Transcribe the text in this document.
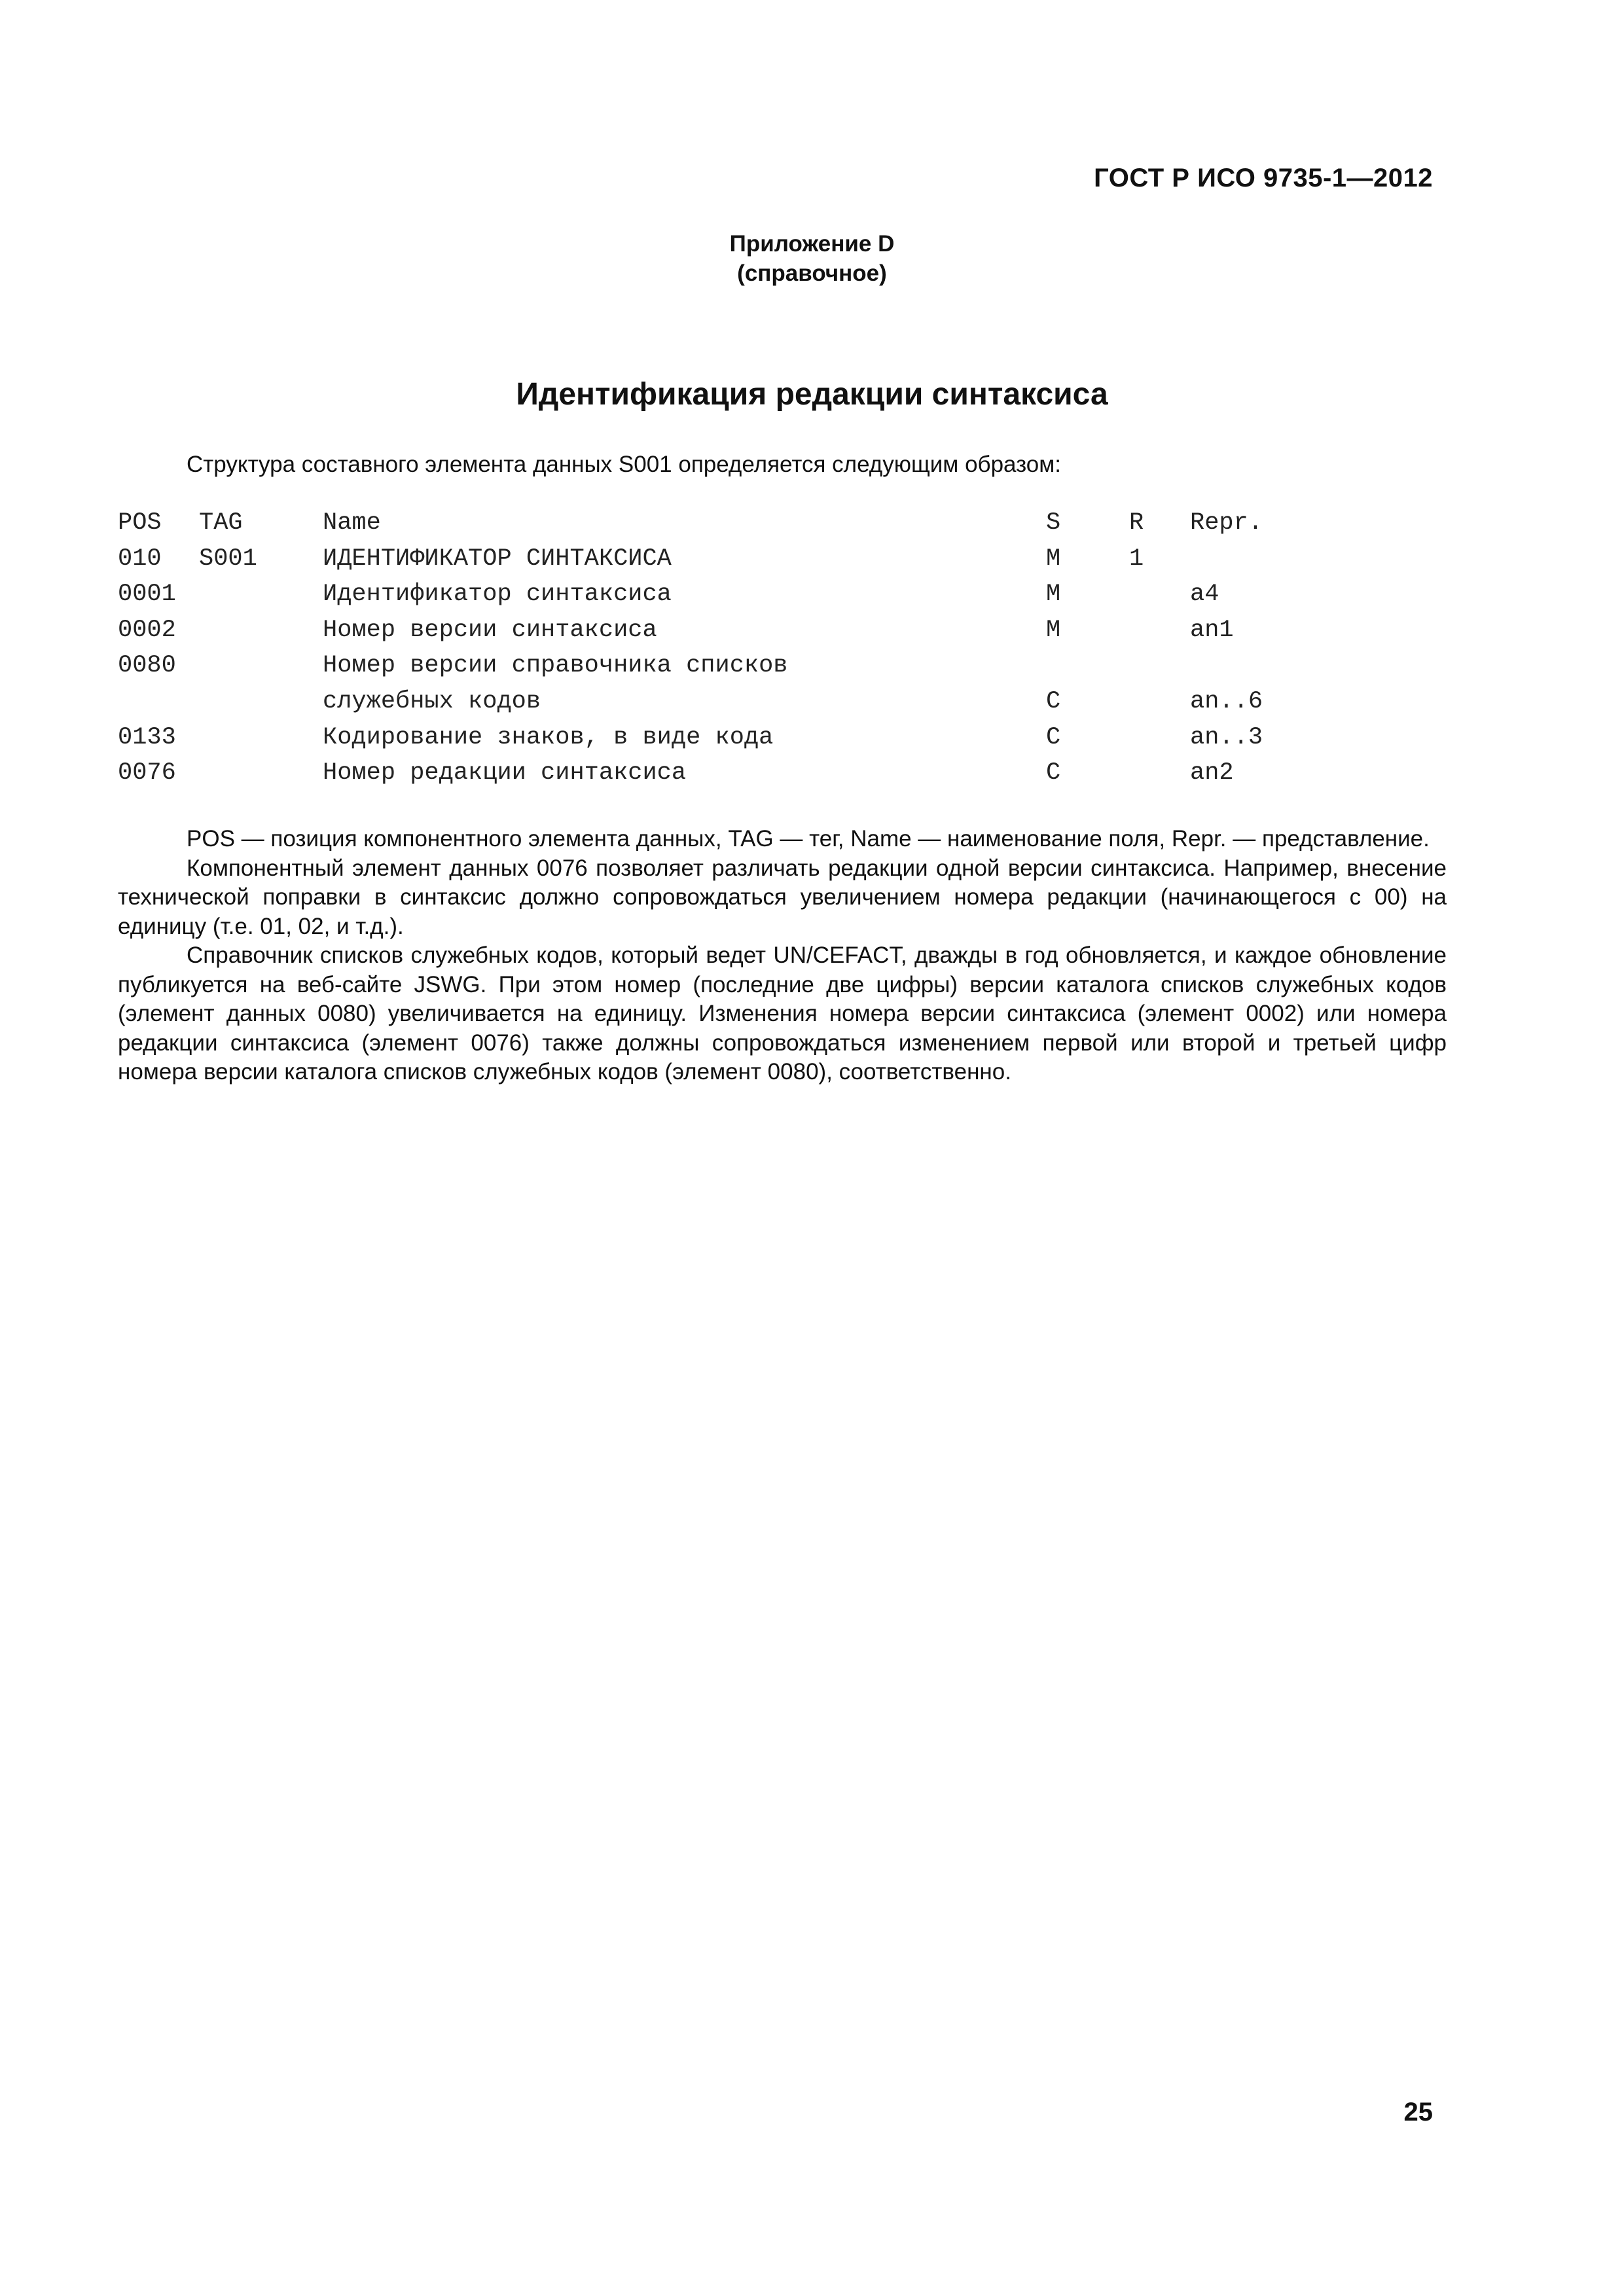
ГОСТ Р ИСО 9735-1—2012
Приложение D
(справочное)
Идентификация редакции синтаксиса
Структура составного элемента данных S001 определяется следующим образом:
POS TAG	Name	S	R Repr.
010 S001	ИДЕНТИФИКАТОР СИНТАКСИСА	M	1
0001	Идентификатор синтаксиса	M	a4
0002	Номер версии синтаксиса	M	an1
0080	Номер версии справочника списков
служебных кодов	C	an..6
0133	Кодирование знаков, в виде кода	C	an..3
0076	Номер редакции синтаксиса	C	an2

POS — позиция компонентного элемента данных, TAG — тег, Name — наименование поля, Repr. — представление.

Компонентный элемент данных 0076 позволяет различать редакции одной версии синтаксиса. Например, внесение технической поправки в синтаксис должно сопровождаться увеличением номера редакции (начинающегося с 00) на единицу (т.е. 01, 02, и т.д.).

Справочник списков служебных кодов, который ведет UN/CEFACT, дважды в год обновляется, и каждое обновление публикуется на веб-сайте JSWG. При этом номер (последние две цифры) версии каталога списков служебных кодов (элемент данных 0080) увеличивается на единицу. Изменения номера версии синтаксиса (элемент 0002) или номера редакции синтаксиса (элемент 0076) также должны сопровождаться изменением первой или второй и третьей цифр номера версии каталога списков служебных кодов (элемент 0080), соответственно.

25
